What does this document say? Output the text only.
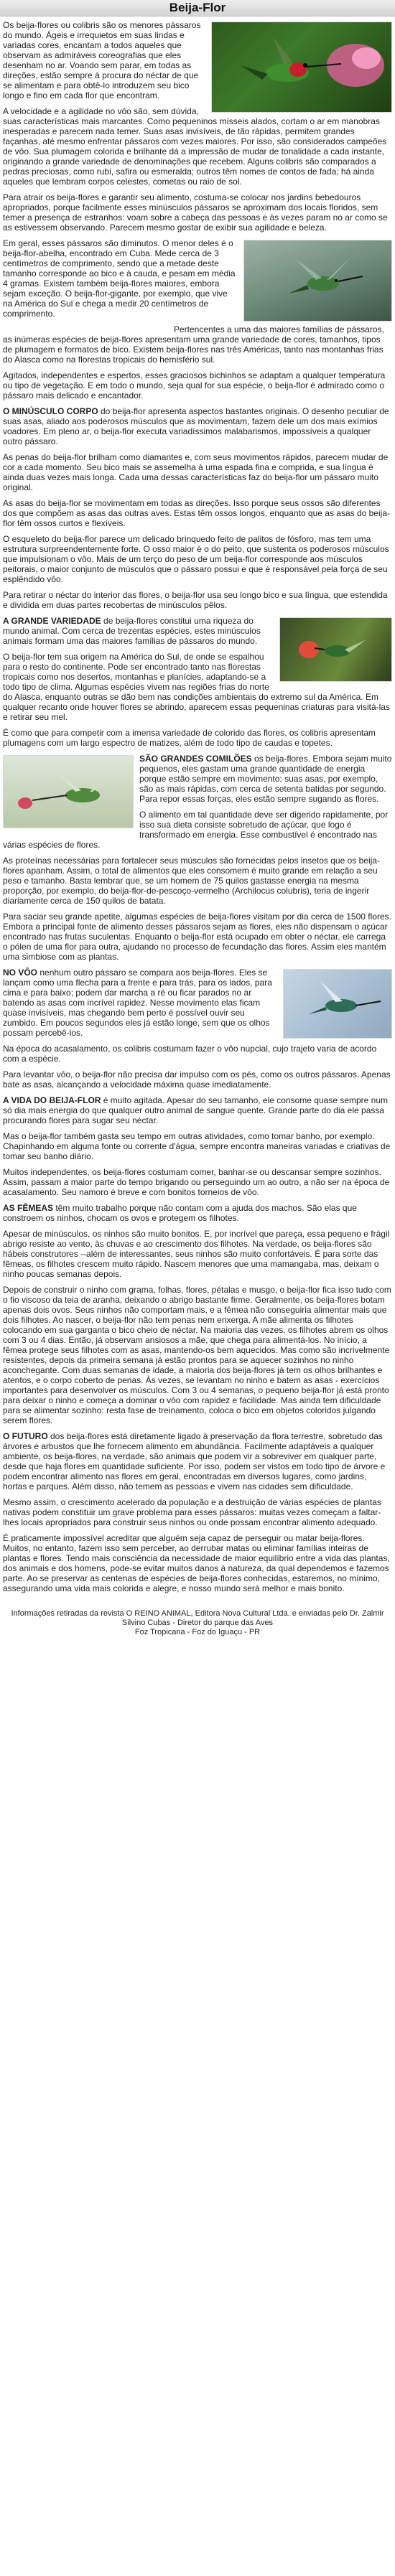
Beija-Flor

Os beija-flores ou colibris são os menores pássaros do mundo. Ágeis e irrequietos em suas lindas e variadas cores, encantam a todos aqueles que observam as admiráveis coreografias que eles desenham no ar. Voando sem parar, em todas as direções, estão sempre à procura do néctar de que se alimentam e para obtê-lo introduzem seu bico longo e fino em cada flor que encontram.

A velocidade e a agilidade no vôo são, sem dúvida, suas características mais marcantes. Como pequeninos mísseis alados, cortam o ar em manobras inesperadas e parecem nada temer. Suas asas invisíveis, de tão rápidas, permitem grandes façanhas, até mesmo enfrentar pássaros com vezes maiores. Por isso, são considerados campeões de vôo. Sua plumagem colorida e brilhante dá a impressão de mudar de tonalidade a cada instante, originando a grande variedade de denominações que recebem. Alguns colibris são comparados a pedras preciosas, como rubi, safira ou esmeralda; outros têm nomes de contos de fada; há ainda aqueles que lembram corpos celestes, cometas ou raio de sol.

Para atrair os beija-flores e garantir seu alimento, costuma-se colocar nos jardins bebedouros apropriados, porque facilmente esses minúsculos pássaros se aproximam dos locais floridos, sem temer a presença de estranhos: voam sobre a cabeça das pessoas e às vezes param no ar como se as estivessem observando. Parecem mesmo gostar de exibir sua agilidade e beleza.

Em geral, esses pássaros são diminutos. O menor deles é o beija-flor-abelha, encontrado em Cuba. Mede cerca de 3 centímetros de comprimento, sendo que a metade deste tamanho corresponde ao bico e à cauda, e pesam em média 4 gramas. Existem também beija-flores maiores, embora sejam exceção. O beija-flor-gigante, por exemplo, que vive na América do Sul e chega a medir 20 centímetros de comprimento.

Pertencentes a uma das maiores famílias de pássaros, as inúmeras espécies de beija-flores apresentam uma grande variedade de cores, tamanhos, tipos de plumagem e formatos de bico. Existem beija-flores nas três Américas, tanto nas montanhas frias do Alasca como na florestas tropicais do hemisfério sul.

Agitados, independentes e espertos, esses graciosos bichinhos se adaptam a qualquer temperatura ou tipo de vegetação. E em todo o mundo, seja qual for sua espécie, o beija-flor é admirado como o pássaro mais delicado e encantador.

O MINÚSCULO CORPO do beija-flor apresenta aspectos bastantes originais. O desenho peculiar de suas asas, aliado aos poderosos músculos que as movimentam, fazem dele um dos mais exímios voadores. Em pleno ar, o beija-flor executa variadíssimos malabarismos, impossíveis a qualquer outro pássaro.

As penas do beija-flor brilham como diamantes e, com seus movimentos rápidos, parecem mudar de cor a cada momento. Seu bico mais se assemelha à uma espada fina e comprida, e sua língua é ainda duas vezes mais longa. Cada uma dessas características faz do beija-flor um pássaro muito original.

As asas do beija-flor se movimentam em todas as direções. Isso porque seus ossos são diferentes dos que compõem as asas das outras aves. Estas têm ossos longos, enquanto que as asas do beija-flor têm ossos curtos e flexíveis.

O esqueleto do beija-flor parece um delicado brinquedo feito de palitos de fósforo, mas tem uma estrutura surpreendentemente forte. O osso maior é o do peito, que sustenta os poderosos músculos que impulsionam o vôo. Mais de um terço do peso de um beija-flor corresponde aos músculos peitorais, o maior conjunto de músculos que o pássaro possui e que é responsável pela força de seu esplêndido vôo.

Para retirar o néctar do interior das flores, o beija-flor usa seu longo bico e sua língua, que estendida e dividida em duas partes recobertas de minúsculos pêlos.

A GRANDE VARIEDADE de beija-flores constitui uma riqueza do mundo animal. Com cerca de trezentas espécies, estes minúsculos animais formam uma das maiores famílias de pássaros do mundo.

O beija-flor tem sua origem na América do Sul, de onde se espalhou para o resto do continente. Pode ser encontrado tanto nas florestas tropicais como nos desertos, montanhas e planícies, adaptando-se a todo tipo de clima. Algumas espécies vivem nas regiões frias do norte do Alasca, enquanto outras se dão bem nas condições ambientais do extremo sul da América. Em qualquer recanto onde houver flores se abrindo, aparecem essas pequeninas criaturas para visitá-las e retirar seu mel.

É como que para competir com a imensa variedade de colorido das flores, os colibris apresentam plumagens com um largo espectro de matizes, além de todo tipo de caudas e topetes.

SÃO GRANDES COMILÕES os beija-flores. Embora sejam muito pequenos, eles gastam uma grande quantidade de energia porque estão sempre em movimento: suas asas, por exemplo, são as mais rápidas, com cerca de setenta batidas por segundo. Para repor essas forças, eles estão sempre sugando as flores.

O alimento em tal quantidade deve ser digerido rapidamente, por isso sua dieta consiste sobretudo de açúcar, que logo é transformado em energia. Esse combustível é encontrado nas várias espécies de flores.

As proteínas necessárias para fortalecer seus músculos são fornecidas pelos insetos que os beija-flores apanham. Assim, o total de alimentos que eles consomem é muito grande em relação a seu peso e tamanho. Basta lembrar que, se um homem de 75 quilos gastasse energia na mesma proporção, por exemplo, do beija-flor-de-pescoço-vermelho (Archilocus colubris), teria de ingerir diariamente cerca de 150 quilos de batata.

Para saciar seu grande apetite, algumas espécies de beija-flores visitam por dia cerca de 1500 flores. Embora a principal fonte de alimento desses pássaros sejam as flores, eles não dispensam o açúcar encontrado nas frutas suculentas. Enquanto o beija-flor está ocupado em obter o néctar, ele carrega o pólen de uma flor para outra, ajudando no processo de fecundação das flores. Assim eles mantém uma simbiose com as plantas.

NO VÔO nenhum outro pássaro se compara aos beija-flores. Eles se lançam como uma flecha para a frente e para trás, para os lados, para cima e para baixo; podem dar marcha a ré ou ficar parados no ar batendo as asas com incrível rapidez. Nesse movimento elas ficam quase invisíveis, mas chegando bem perto é possível ouvir seu zumbido. Em poucos segundos eles já estão longe, sem que os olhos possam percebê-los.

Na época do acasalamento, os colibris costumam fazer o vôo nupcial, cujo trajeto varia de acordo com a espécie.

Para levantar vôo, o beija-flor não precisa dar impulso com os pés, como os outros pássaros. Apenas bate as asas, alcançando a velocidade máxima quase imediatamente.

A VIDA DO BEIJA-FLOR é muito agitada. Apesar do seu tamanho, ele consome quase sempre num só dia mais energia do que qualquer outro animal de sangue quente. Grande parte do dia ele passa procurando flores para sugar seu néctar.

Mas o beija-flor também gasta seu tempo em outras atividades, como tomar banho, por exemplo. Chapinhando em alguma fonte ou corrente d'água, sempre encontra maneiras variadas e criativas de tomar seu banho diário.

Muitos independentes, os beija-flores costumam comer, banhar-se ou descansar sempre sozinhos. Assim, passam a maior parte do tempo brigando ou perseguindo um ao outro, a não ser na época de acasalamento. Seu namoro é breve e com bonitos torneios de vôo.

AS FÊMEAS têm muito trabalho porque não contam com a ajuda dos machos. São elas que constroem os ninhos, chocam os ovos e protegem os filhotes.

Apesar de minúsculos, os ninhos são muito bonitos. E, por incrível que pareça, essa pequeno e frágil abrigo resiste ao vento, às chuvas e ao crescimento dos filhotes. Na verdade, os beija-flores são hábeis construtores --além de interessantes, seus ninhos são muito confortáveis. É para sorte das fêmeas, os filhotes crescem muito rápido. Nascem menores que uma mamangaba, mas, deixam o ninho poucas semanas depois.

Depois de construir o ninho com grama, folhas, flores, pétalas e musgo, o beija-flor fica isso tudo com o fio viscoso da teia de aranha, deixando o abrigo bastante firme. Geralmente, os beija-flores botam apenas dois ovos. Seus ninhos não comportam mais, e a fêmea não conseguiria alimentar mais que dois filhotes. Ao nascer, o beija-flor não tem penas nem enxerga. A mãe alimenta os filhotes colocando em sua garganta o bico cheio de néctar. Na maioria das vezes, os filhotes abrem os olhos com 3 ou 4 dias. Então, já observam ansiosos a mãe, que chega para alimentá-los. No início, a fêmea protege seus filhotes com as asas, mantendo-os bem aquecidos. Mas como são incrivelmente resistentes, depois da primeira semana já estão prontos para se aquecer sozinhos no ninho aconchegante. Com duas semanas de idade, a maioria dos beija-flores já tem os olhos brilhantes e atentos, e o corpo coberto de penas. Às vezes, se levantam no ninho e batem as asas - exercícios importantes para desenvolver os músculos. Com 3 ou 4 semanas, o pequeno beija-flor já está pronto para deixar o ninho e começa a dominar o vôo com rapidez e facilidade. Mas ainda tem dificuldade para se alimentar sozinho: resta fase de treinamento, coloca o bico em objetos coloridos julgando serem flores.

O FUTURO dos beija-flores está diretamente ligado à preservação da flora terrestre, sobretudo das árvores e arbustos que lhe fornecem alimento em abundância. Facilmente adaptáveis a qualquer ambiente, os beija-flores, na verdade, são animais que podem vir a sobreviver em qualquer parte, desde que haja flores em quantidade suficiente. Por isso, podem ser vistos em todo tipo de árvore e podem encontrar alimento nas flores em geral, encontradas em diversos lugares, como jardins, hortas e parques. Além disso, não temem as pessoas e vivem nas cidades sem dificuldade.

Mesmo assim, o crescimento acelerado da população e a destruição de várias espécies de plantas nativas podem constituir um grave problema para esses pássaros: muitas vezes começam a faltar-lhes locais apropriados para construir seus ninhos ou onde possam encontrar alimento adequado.

É praticamente impossível acreditar que alguém seja capaz de perseguir ou matar beija-flores. Muitos, no entanto, fazem isso sem perceber, ao derrubar matas ou eliminar famílias inteiras de plantas e flores. Tendo mais consciência da necessidade de maior equilíbrio entre a vida das plantas, dos animais e dos homens, pode-se evitar muitos danos à natureza, da qual dependemos e fazemos parte. Ao se preservar as centenas de espécies de beija-flores conhecidas, estaremos, no mínimo, assegurando uma vida mais colorida e alegre, e nosso mundo será melhor e mais bonito.

Informações retiradas da revista O REINO ANIMAL, Editora Nova Cultural Ltda. e enviadas pelo Dr. Zalmir Silvino Cubas - Diretor do parque das Aves
Foz Tropicana - Foz do Iguaçu - PR
